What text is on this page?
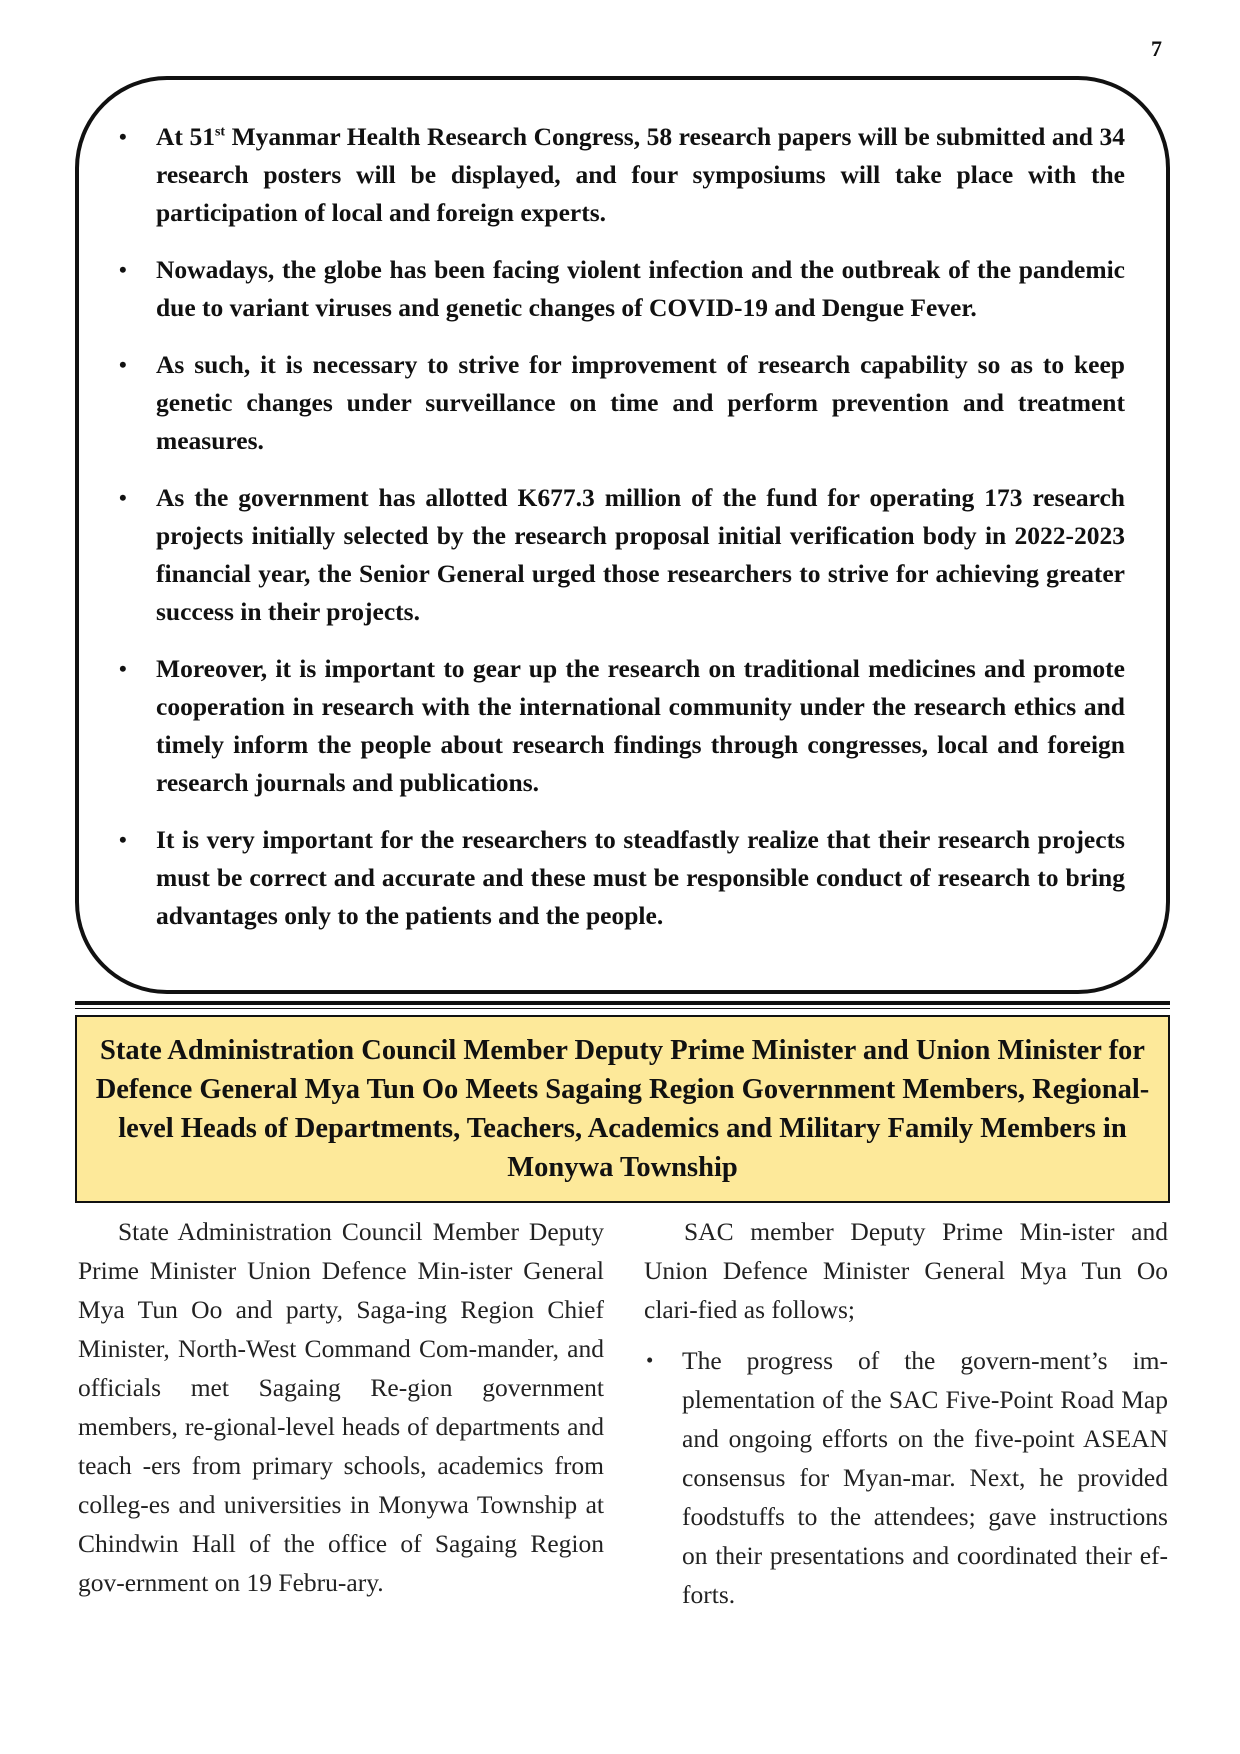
7
• At 51st Myanmar Health Research Congress, 58 research papers will be submitted and 34 research posters will be displayed, and four symposiums will take place with the participation of local and foreign experts.
• Nowadays, the globe has been facing violent infection and the outbreak of the pandemic due to variant viruses and genetic changes of COVID-19 and Dengue Fever.
• As such, it is necessary to strive for improvement of research capability so as to keep genetic changes under surveillance on time and perform prevention and treatment measures.
• As the government has allotted K677.3 million of the fund for operating 173 research projects initially selected by the research proposal initial verification body in 2022-2023 financial year, the Senior General urged those researchers to strive for achieving greater success in their projects.
• Moreover, it is important to gear up the research on traditional medicines and promote cooperation in research with the international community under the research ethics and timely inform the people about research findings through congresses, local and foreign research journals and publications.
• It is very important for the researchers to steadfastly realize that their research projects must be correct and accurate and these must be responsible conduct of research to bring advantages only to the patients and the people.
State Administration Council Member Deputy Prime Minister and Union Minister for Defence General Mya Tun Oo Meets Sagaing Region Government Members, Regional-level Heads of Departments, Teachers, Academics and Military Family Members in Monywa Township

State Administration Council Member Deputy Prime Minister Union Defence Min-ister General Mya Tun Oo and party, Saga-ing Region Chief Minister, North-West Command Com-mander, and officials met Sagaing Re-gion government members, re-gional-level heads of departments and teach -ers from primary schools, academics from colleg-es and universities in Monywa Township at Chindwin Hall of the office of Sagaing Region gov-ernment on 19 Febru-ary.

SAC member Deputy Prime Min-ister and Union Defence Minister General Mya Tun Oo clari-fied as follows;

• The progress of the govern-ment’s im-plementation of the SAC Five-Point Road Map and ongoing efforts on the five-point ASEAN consensus for Myan-mar. Next, he provided foodstuffs to the attendees; gave instructions on their presentations and coordinated their ef-forts.
